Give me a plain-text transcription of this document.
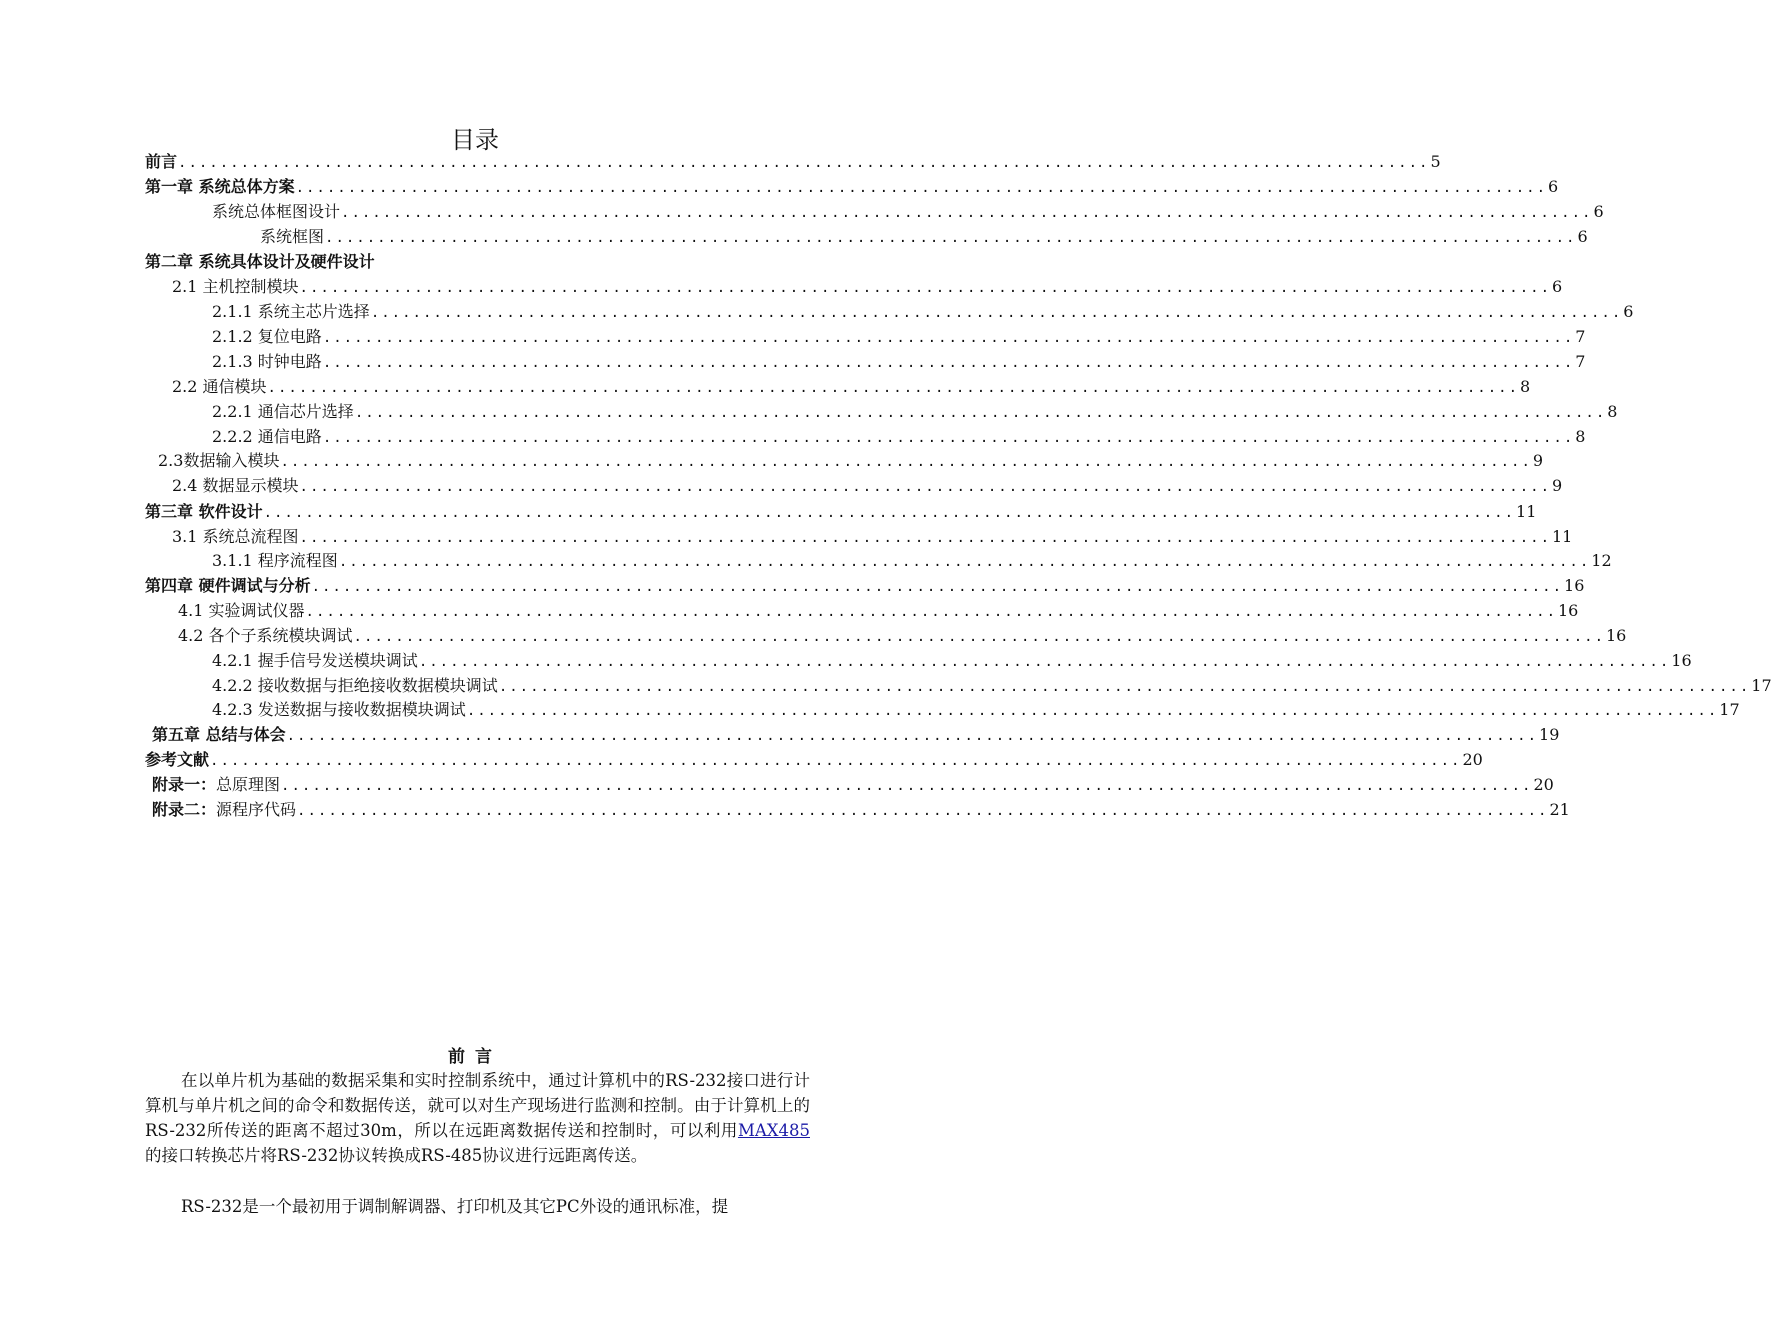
目录
前言 ........................................................................................................................ 5
第一章 系统总体方案 ........................................................................................................................ 6
系统总体框图设计 ........................................................................................................................ 6
系统框图 ........................................................................................................................ 6
第二章 系统具体设计及硬件设计
2.1 主机控制模块 ........................................................................................................................ 6
2.1.1 系统主芯片选择 ........................................................................................................................ 6
2.1.2 复位电路 ........................................................................................................................ 7
2.1.3 时钟电路 ........................................................................................................................ 7
2.2 通信模块 ........................................................................................................................ 8
2.2.1 通信芯片选择 ........................................................................................................................ 8
2.2.2 通信电路 ........................................................................................................................ 8
2.3数据输入模块 ........................................................................................................................ 9
2.4 数据显示模块 ........................................................................................................................ 9
第三章 软件设计 ........................................................................................................................ 11
3.1 系统总流程图 ........................................................................................................................ 11
3.1.1 程序流程图 ........................................................................................................................ 12
第四章 硬件调试与分析 ........................................................................................................................ 16
4.1 实验调试仪器 ........................................................................................................................ 16
4.2 各个子系统模块调试 ........................................................................................................................ 16
4.2.1 握手信号发送模块调试 ........................................................................................................................ 16
4.2.2 接收数据与拒绝接收数据模块调试 ........................................................................................................................ 17
4.2.3 发送数据与接收数据模块调试 ........................................................................................................................ 17
第五章 总结与体会 ........................................................................................................................ 19
参考文献 ........................................................................................................................ 20
附录一： 总原理图 ........................................................................................................................ 20
附录二： 源程序代码 ........................................................................................................................ 21
前言
在以单片机为基础的数据采集和实时控制系统中，通过计算机中的RS-232接口进行计算机与单片机之间的命令和数据传送，就可以对生产现场进行监测和控制。由于计算机上的RS-232所传送的距离不超过30m，所以在远距离数据传送和控制时，可以利用MAX485的接口转换芯片将RS-232协议转换成RS-485协议进行远距离传送。
RS-232是一个最初用于调制解调器、打印机及其它PC外设的通讯标准，提
